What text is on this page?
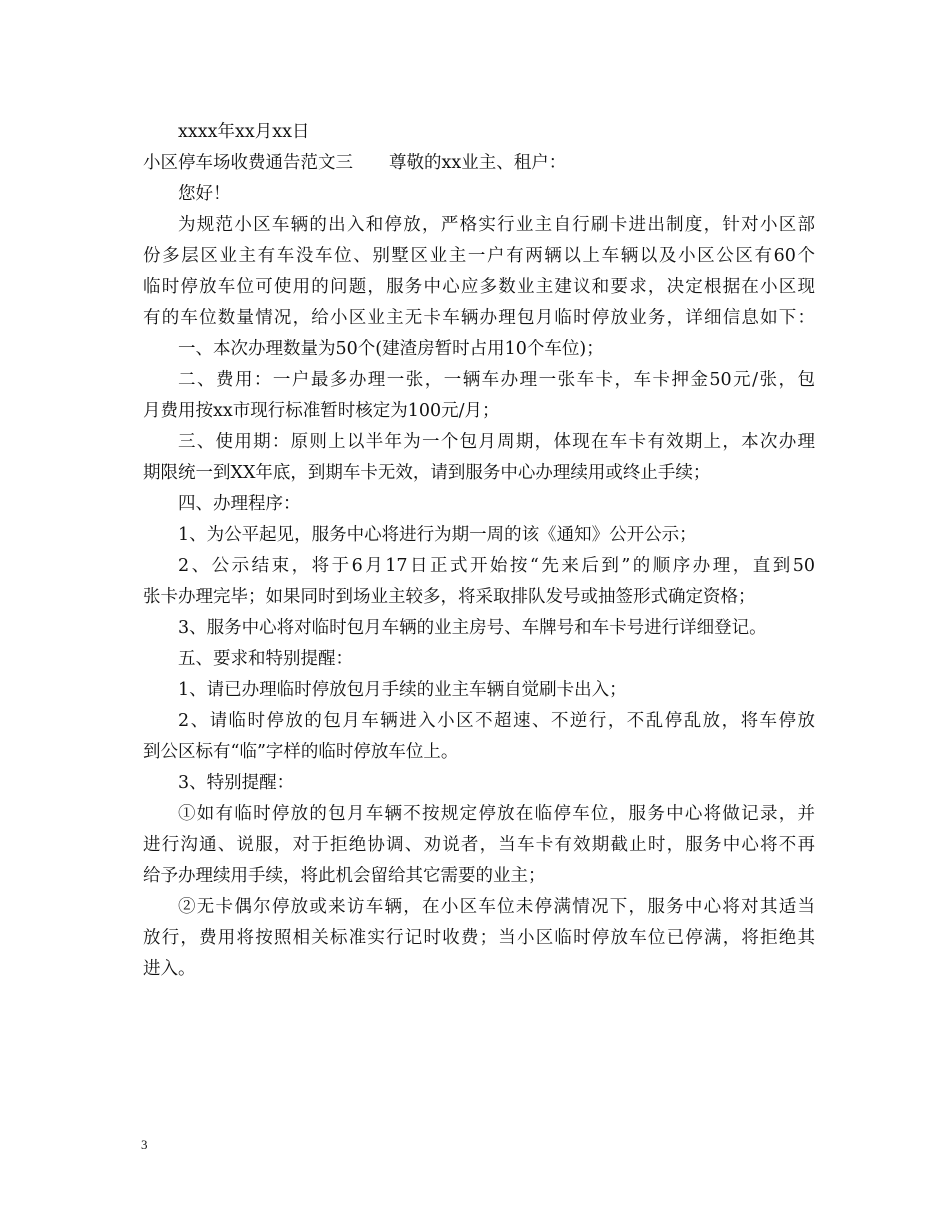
xxxx年xx月xx日
小区停车场收费通告范文三 尊敬的xx业主、租户：
您好！
为规范小区车辆的出入和停放，严格实行业主自行刷卡进出制度，针对小区部
份多层区业主有车没车位、别墅区业主一户有两辆以上车辆以及小区公区有60个
临时停放车位可使用的问题，服务中心应多数业主建议和要求，决定根据在小区现
有的车位数量情况，给小区业主无卡车辆办理包月临时停放业务，详细信息如下：
一、本次办理数量为50个(建渣房暂时占用10个车位)；
二、费用：一户最多办理一张，一辆车办理一张车卡，车卡押金50元/张，包
月费用按xx市现行标准暂时核定为100元/月；
三、使用期：原则上以半年为一个包月周期，体现在车卡有效期上，本次办理
期限统一到XX年底，到期车卡无效，请到服务中心办理续用或终止手续；
四、办理程序：
1、为公平起见，服务中心将进行为期一周的该《通知》公开公示；
2、公示结束，将于6月17日正式开始按“先来后到”的顺序办理，直到50
张卡办理完毕；如果同时到场业主较多，将采取排队发号或抽签形式确定资格；
3、服务中心将对临时包月车辆的业主房号、车牌号和车卡号进行详细登记。
五、要求和特别提醒：
1、请已办理临时停放包月手续的业主车辆自觉刷卡出入；
2、请临时停放的包月车辆进入小区不超速、不逆行，不乱停乱放，将车停放
到公区标有“临”字样的临时停放车位上。
3、特别提醒：
①如有临时停放的包月车辆不按规定停放在临停车位，服务中心将做记录，并
进行沟通、说服，对于拒绝协调、劝说者，当车卡有效期截止时，服务中心将不再
给予办理续用手续，将此机会留给其它需要的业主；
②无卡偶尔停放或来访车辆，在小区车位未停满情况下，服务中心将对其适当
放行，费用将按照相关标准实行记时收费；当小区临时停放车位已停满，将拒绝其
进入。
3
